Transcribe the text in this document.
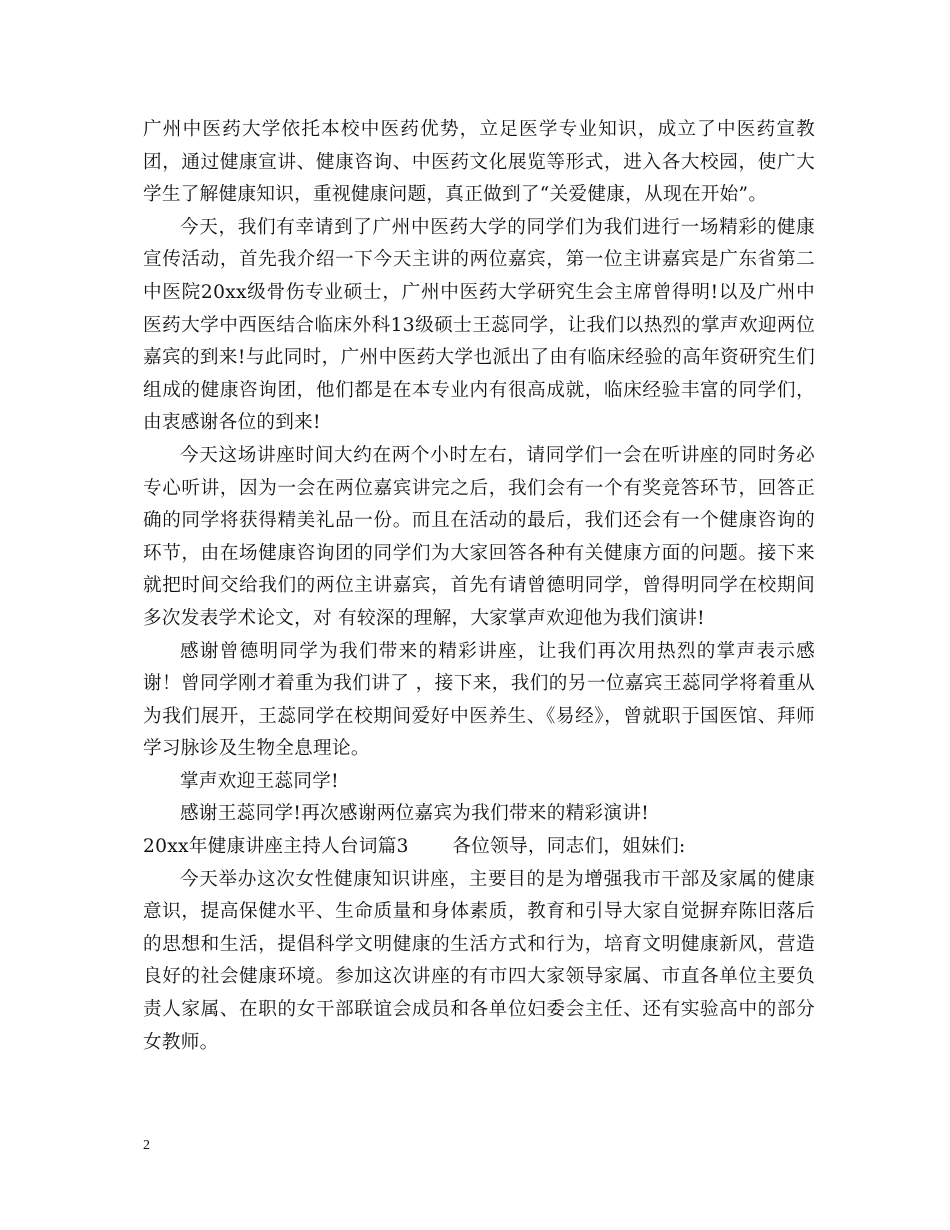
广州中医药大学依托本校中医药优势，立足医学专业知识，成立了中医药宣教团，通过健康宣讲、健康咨询、中医药文化展览等形式，进入各大校园，使广大学生了解健康知识，重视健康问题，真正做到了“关爱健康，从现在开始”。

今天，我们有幸请到了广州中医药大学的同学们为我们进行一场精彩的健康宣传活动，首先我介绍一下今天主讲的两位嘉宾，第一位主讲嘉宾是广东省第二中医院20xx级骨伤专业硕士，广州中医药大学研究生会主席曾得明!以及广州中医药大学中西医结合临床外科13级硕士王蕊同学，让我们以热烈的掌声欢迎两位嘉宾的到来!与此同时，广州中医药大学也派出了由有临床经验的高年资研究生们组成的健康咨询团，他们都是在本专业内有很高成就，临床经验丰富的同学们，由衷感谢各位的到来!

今天这场讲座时间大约在两个小时左右，请同学们一会在听讲座的同时务必专心听讲，因为一会在两位嘉宾讲完之后，我们会有一个有奖竞答环节，回答正确的同学将获得精美礼品一份。而且在活动的最后，我们还会有一个健康咨询的环节，由在场健康咨询团的同学们为大家回答各种有关健康方面的问题。接下来就把时间交给我们的两位主讲嘉宾，首先有请曾德明同学，曾得明同学在校期间多次发表学术论文，对 有较深的理解，大家掌声欢迎他为我们演讲!

感谢曾德明同学为我们带来的精彩讲座，让我们再次用热烈的掌声表示感谢！曾同学刚才着重为我们讲了 ，接下来，我们的另一位嘉宾王蕊同学将着重从 为我们展开，王蕊同学在校期间爱好中医养生、《易经》，曾就职于国医馆、拜师学习脉诊及生物全息理论。

掌声欢迎王蕊同学!

感谢王蕊同学!再次感谢两位嘉宾为我们带来的精彩演讲!

20xx年健康讲座主持人台词篇3       各位领导，同志们，姐妹们:

今天举办这次女性健康知识讲座，主要目的是为增强我市干部及家属的健康意识，提高保健水平、生命质量和身体素质，教育和引导大家自觉摒弃陈旧落后的思想和生活，提倡科学文明健康的生活方式和行为，培育文明健康新风，营造良好的社会健康环境。参加这次讲座的有市四大家领导家属、市直各单位主要负责人家属、在职的女干部联谊会成员和各单位妇委会主任、还有实验高中的部分女教师。

2
